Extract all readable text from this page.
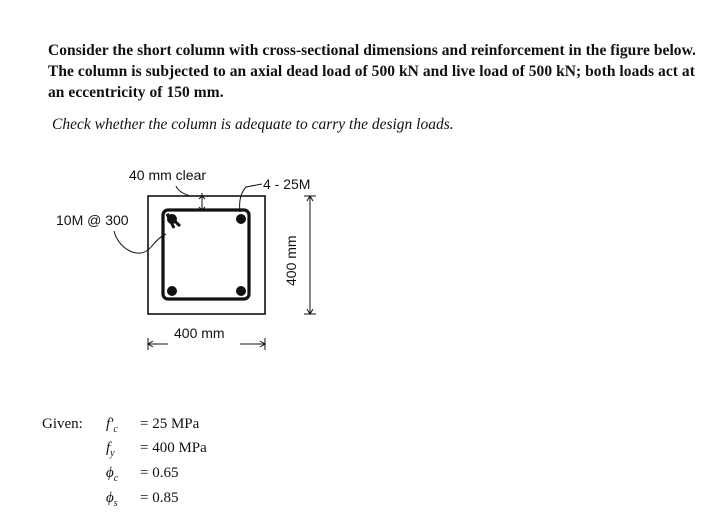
Consider the short column with cross-sectional dimensions and reinforcement in the figure below. The column is subjected to an axial dead load of 500 kN and live load of 500 kN; both loads act at an eccentricity of 150 mm.
Check whether the column is adequate to carry the design loads.
40 mm clear
4 - 25M
10M @ 300
400 mm
400 mm
Given: $f'_c$	= 25 MPa
$f_y$	= 400 MPa
$\phi_c$	= 0.65
$\phi_s$	= 0.85
